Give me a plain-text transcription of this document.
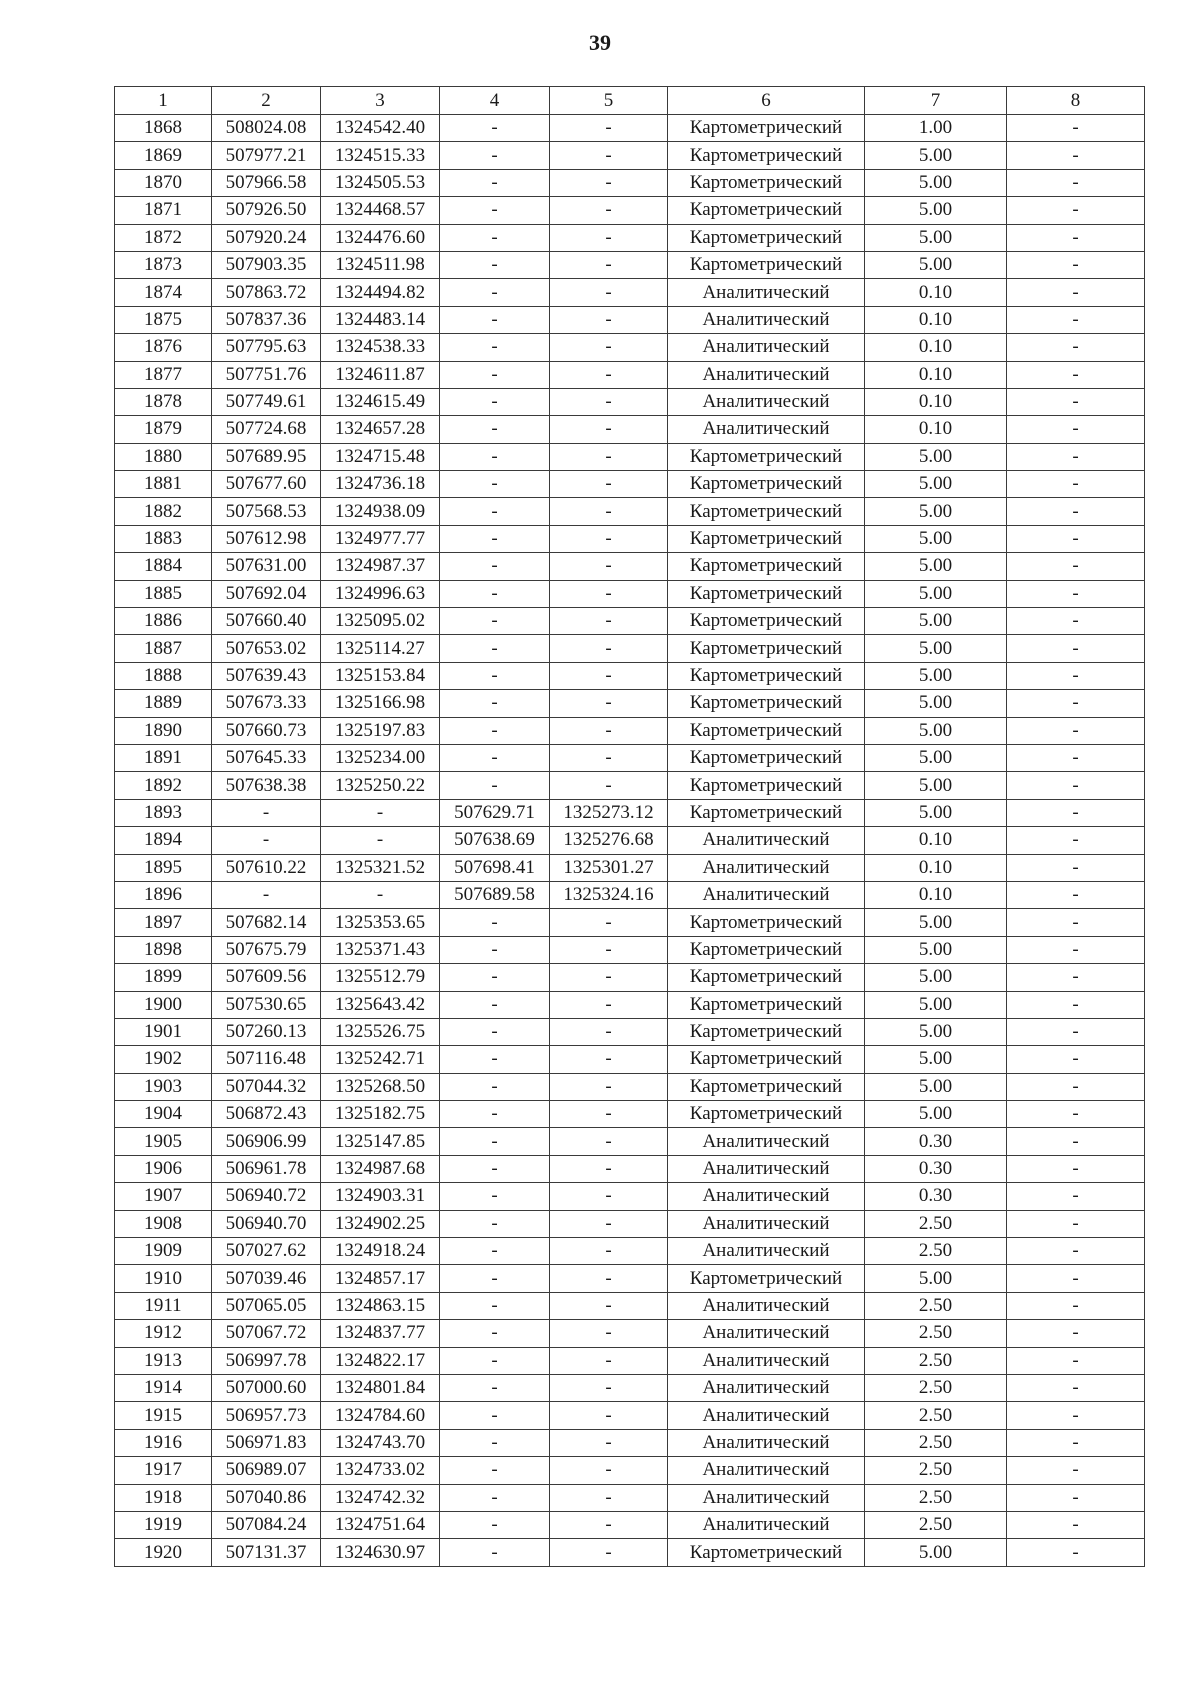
39
1	2	3	4	5	6	7	8
1868	508024.08	1324542.40	-	-	Картометрический	1.00	-
1869	507977.21	1324515.33	-	-	Картометрический	5.00	-
1870	507966.58	1324505.53	-	-	Картометрический	5.00	-
1871	507926.50	1324468.57	-	-	Картометрический	5.00	-
1872	507920.24	1324476.60	-	-	Картометрический	5.00	-
1873	507903.35	1324511.98	-	-	Картометрический	5.00	-
1874	507863.72	1324494.82	-	-	Аналитический	0.10	-
1875	507837.36	1324483.14	-	-	Аналитический	0.10	-
1876	507795.63	1324538.33	-	-	Аналитический	0.10	-
1877	507751.76	1324611.87	-	-	Аналитический	0.10	-
1878	507749.61	1324615.49	-	-	Аналитический	0.10	-
1879	507724.68	1324657.28	-	-	Аналитический	0.10	-
1880	507689.95	1324715.48	-	-	Картометрический	5.00	-
1881	507677.60	1324736.18	-	-	Картометрический	5.00	-
1882	507568.53	1324938.09	-	-	Картометрический	5.00	-
1883	507612.98	1324977.77	-	-	Картометрический	5.00	-
1884	507631.00	1324987.37	-	-	Картометрический	5.00	-
1885	507692.04	1324996.63	-	-	Картометрический	5.00	-
1886	507660.40	1325095.02	-	-	Картометрический	5.00	-
1887	507653.02	1325114.27	-	-	Картометрический	5.00	-
1888	507639.43	1325153.84	-	-	Картометрический	5.00	-
1889	507673.33	1325166.98	-	-	Картометрический	5.00	-
1890	507660.73	1325197.83	-	-	Картометрический	5.00	-
1891	507645.33	1325234.00	-	-	Картометрический	5.00	-
1892	507638.38	1325250.22	-	-	Картометрический	5.00	-
1893	-	-	507629.71	1325273.12	Картометрический	5.00	-
1894	-	-	507638.69	1325276.68	Аналитический	0.10	-
1895	507610.22	1325321.52	507698.41	1325301.27	Аналитический	0.10	-
1896	-	-	507689.58	1325324.16	Аналитический	0.10	-
1897	507682.14	1325353.65	-	-	Картометрический	5.00	-
1898	507675.79	1325371.43	-	-	Картометрический	5.00	-
1899	507609.56	1325512.79	-	-	Картометрический	5.00	-
1900	507530.65	1325643.42	-	-	Картометрический	5.00	-
1901	507260.13	1325526.75	-	-	Картометрический	5.00	-
1902	507116.48	1325242.71	-	-	Картометрический	5.00	-
1903	507044.32	1325268.50	-	-	Картометрический	5.00	-
1904	506872.43	1325182.75	-	-	Картометрический	5.00	-
1905	506906.99	1325147.85	-	-	Аналитический	0.30	-
1906	506961.78	1324987.68	-	-	Аналитический	0.30	-
1907	506940.72	1324903.31	-	-	Аналитический	0.30	-
1908	506940.70	1324902.25	-	-	Аналитический	2.50	-
1909	507027.62	1324918.24	-	-	Аналитический	2.50	-
1910	507039.46	1324857.17	-	-	Картометрический	5.00	-
1911	507065.05	1324863.15	-	-	Аналитический	2.50	-
1912	507067.72	1324837.77	-	-	Аналитический	2.50	-
1913	506997.78	1324822.17	-	-	Аналитический	2.50	-
1914	507000.60	1324801.84	-	-	Аналитический	2.50	-
1915	506957.73	1324784.60	-	-	Аналитический	2.50	-
1916	506971.83	1324743.70	-	-	Аналитический	2.50	-
1917	506989.07	1324733.02	-	-	Аналитический	2.50	-
1918	507040.86	1324742.32	-	-	Аналитический	2.50	-
1919	507084.24	1324751.64	-	-	Аналитический	2.50	-
1920	507131.37	1324630.97	-	-	Картометрический	5.00	-
